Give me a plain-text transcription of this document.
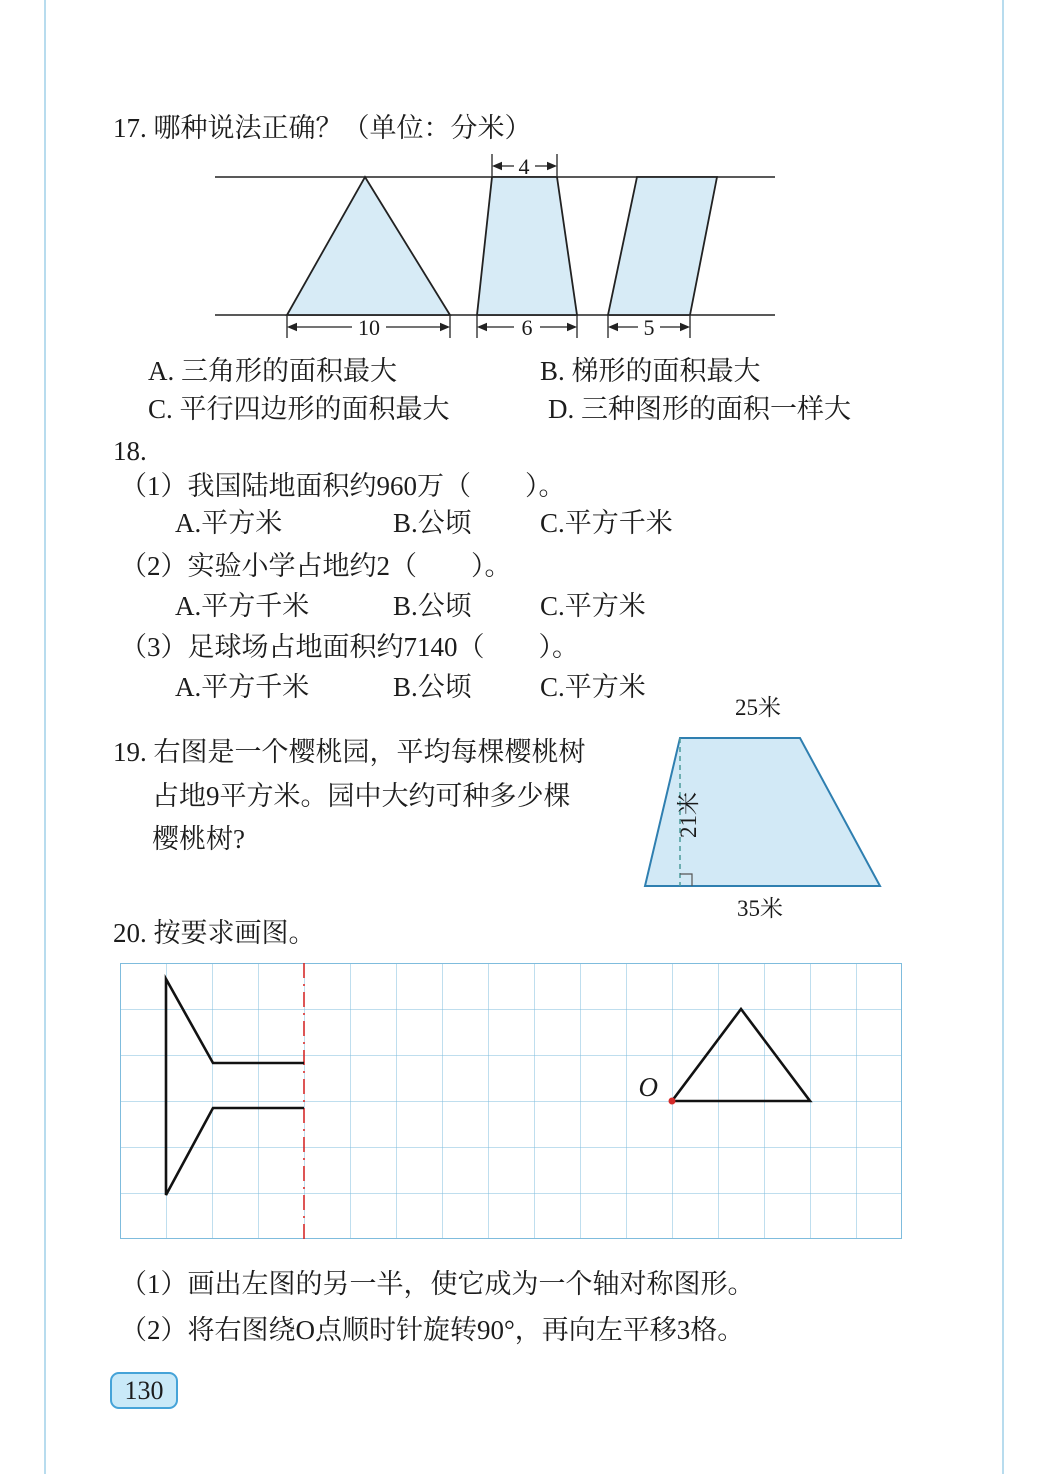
17. 哪种说法正确？（单位：分米）
4
10	6	5
A. 三角形的面积最大	B. 梯形的面积最大
C. 平行四边形的面积最大	D. 三种图形的面积一样大
18.
（1）我国陆地面积约960万（　　）。
A.平方米	B.公顷	C.平方千米
（2）实验小学占地约2（　　）。
A.平方千米	B.公顷	C.平方米
（3）足球场占地面积约7140（　　）。
A.平方千米	B.公顷	C.平方米
19. 右图是一个樱桃园，平均每棵樱桃树
占地9平方米。园中大约可种多少棵
樱桃树?
25米
21米
35米
20. 按要求画图。
O
（1）画出左图的另一半，使它成为一个轴对称图形。
（2）将右图绕O点顺时针旋转90°，再向左平移3格。
130
